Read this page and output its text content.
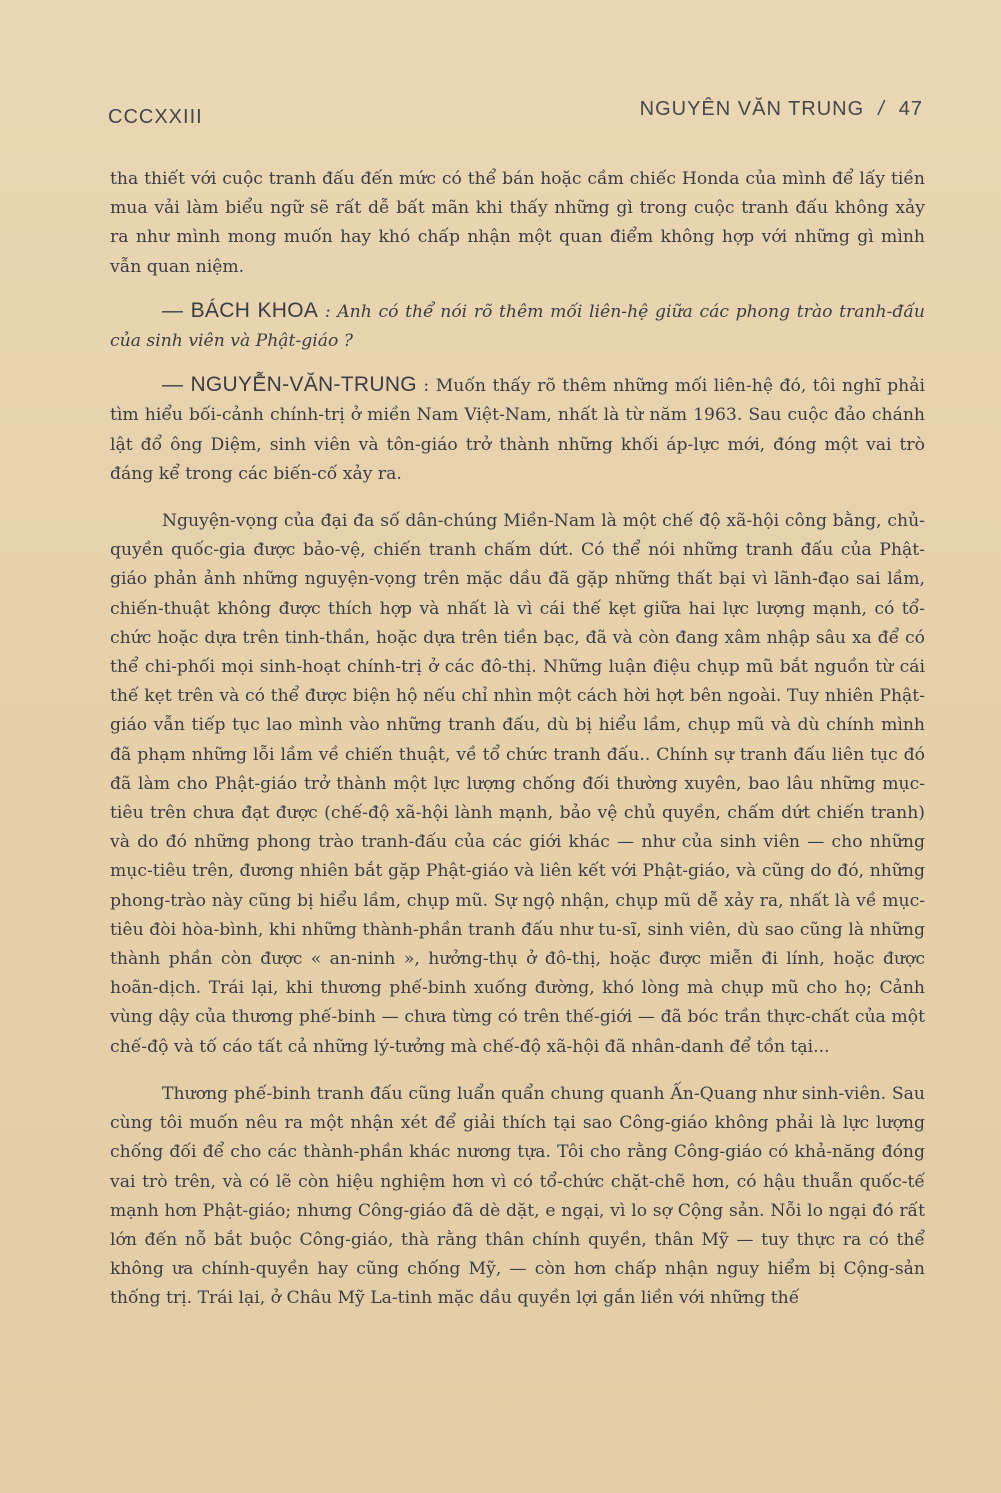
CCCXXIII	NGUYÊN VĂN TRUNG / 47

tha thiết với cuộc tranh đấu đến mức có thể bán hoặc cầm chiếc Honda của mình để lấy tiền mua vải làm biểu ngữ sẽ rất dễ bất mãn khi thấy những gì trong cuộc tranh đấu không xảy ra như mình mong muốn hay khó chấp nhận một quan điểm không hợp với những gì mình vẫn quan niệm.

— BÁCH KHOA : Anh có thể nói rõ thêm mối liên-hệ giữa các phong trào tranh-đấu của sinh viên và Phật-giáo ?

— NGUYỄN-VĂN-TRUNG : Muốn thấy rõ thêm những mối liên-hệ đó, tôi nghĩ phải tìm hiểu bối-cảnh chính-trị ở miền Nam Việt-Nam, nhất là từ năm 1963. Sau cuộc đảo chánh lật đổ ông Diệm, sinh viên và tôn-giáo trở thành những khối áp-lực mới, đóng một vai trò đáng kể trong các biến-cố xảy ra.

Nguyện-vọng của đại đa số dân-chúng Miền-Nam là một chế độ xã-hội công bằng, chủ-quyền quốc-gia được bảo-vệ, chiến tranh chấm dứt. Có thể nói những tranh đấu của Phật-giáo phản ảnh những nguyện-vọng trên mặc dầu đã gặp những thất bại vì lãnh-đạo sai lầm, chiến-thuật không được thích hợp và nhất là vì cái thế kẹt giữa hai lực lượng mạnh, có tổ-chức hoặc dựa trên tinh-thần, hoặc dựa trên tiền bạc, đã và còn đang xâm nhập sâu xa để có thể chi-phối mọi sinh-hoạt chính-trị ở các đô-thị. Những luận điệu chụp mũ bắt nguồn từ cái thế kẹt trên và có thể được biện hộ nếu chỉ nhìn một cách hời hợt bên ngoài. Tuy nhiên Phật-giáo vẫn tiếp tục lao mình vào những tranh đấu, dù bị hiểu lầm, chụp mũ và dù chính mình đã phạm những lỗi lầm về chiến thuật, về tổ chức tranh đấu.. Chính sự tranh đấu liên tục đó đã làm cho Phật-giáo trở thành một lực lượng chống đối thường xuyên, bao lâu những mục-tiêu trên chưa đạt được (chế-độ xã-hội lành mạnh, bảo vệ chủ quyền, chấm dứt chiến tranh) và do đó những phong trào tranh-đấu của các giới khác — như của sinh viên — cho những mục-tiêu trên, đương nhiên bắt gặp Phật-giáo và liên kết với Phật-giáo, và cũng do đó, những phong-trào này cũng bị hiểu lầm, chụp mũ. Sự ngộ nhận, chụp mũ dễ xảy ra, nhất là về mục-tiêu đòi hòa-bình, khi những thành-phần tranh đấu như tu-sĩ, sinh viên, dù sao cũng là những thành phần còn được « an-ninh », hưởng-thụ ở đô-thị, hoặc được miễn đi lính, hoặc được hoãn-dịch. Trái lại, khi thương phế-binh xuống đường, khó lòng mà chụp mũ cho họ; Cảnh vùng dậy của thương phế-binh — chưa từng có trên thế-giới — đã bóc trần thực-chất của một chế-độ và tố cáo tất cả những lý-tưởng mà chế-độ xã-hội đã nhân-danh để tồn tại...

Thương phế-binh tranh đấu cũng luẩn quẩn chung quanh Ấn-Quang như sinh-viên. Sau cùng tôi muốn nêu ra một nhận xét để giải thích tại sao Công-giáo không phải là lực lượng chống đối để cho các thành-phần khác nương tựa. Tôi cho rằng Công-giáo có khả-năng đóng vai trò trên, và có lẽ còn hiệu nghiệm hơn vì có tổ-chức chặt-chẽ hơn, có hậu thuẫn quốc-tế mạnh hơn Phật-giáo; nhưng Công-giáo đã dè dặt, e ngại, vì lo sợ Cộng sản. Nỗi lo ngại đó rất lớn đến nỗ bắt buộc Công-giáo, thà rằng thân chính quyền, thân Mỹ — tuy thực ra có thể không ưa chính-quyền hay cũng chống Mỹ, — còn hơn chấp nhận nguy hiểm bị Cộng-sản thống trị. Trái lại, ở Châu Mỹ La-tinh mặc dầu quyền lợi gắn liền với những thế
